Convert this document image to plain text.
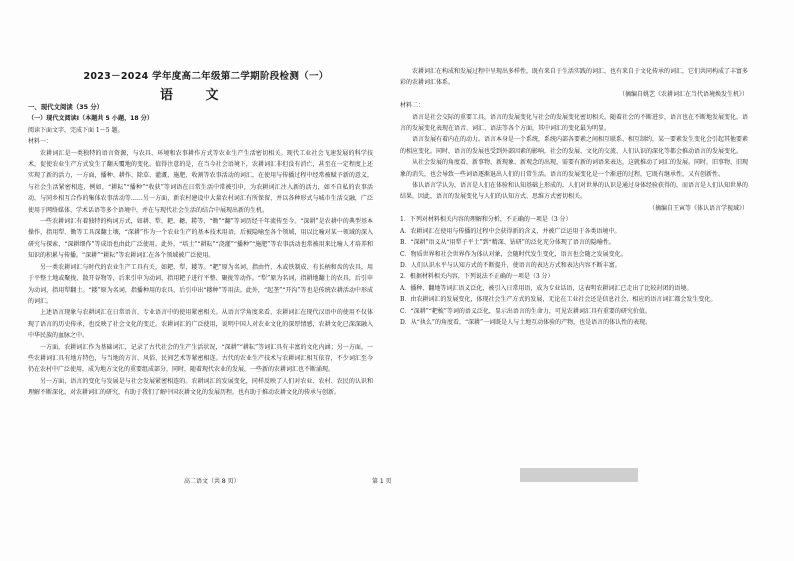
2023－2024 学年度高二年级第二学期阶段检测（一）
语 文

一、现代文阅读（35 分）

（一）现代文阅读Ⅰ（本题共 5 小题，18 分）

阅读下面文字，完成下面 1～5 题。

材料一：

农耕词汇是一类独特的语言资源，与农具、环境和农事耕作方式等农业生产生活密切相关。现代工业社会飞速发展的科学技术，促使农业生产方式发生了翻天覆地的变化。值得注意的是，在当今社会语境下，农耕词汇非但没有消亡，甚至在一定程度上还实现了新的活力，一方面，播种、耕作、除草、灌溉、施肥、收割等农事活动的词汇，在使用与传播过程中经常被赋予新的意义，与社会生活紧密相连，例如，“耕耘”“播种”“收获”等词语在日常生活中常被引申，为农耕词汇注入新的活力，如不自私的农事活动，与同乡相互合作的集体农事活动等……另一方面，新农村建设中大量农村词汇有所保留，并以各种形式与城市生活交融，广泛使用于网络媒体、学术话语等多个语境中，并在与现代社会生活的结合中展现出新的生机。

一些农耕词汇有着独特的构词方式，如耕、犁、耙、耱、耢等，“锄”“翻”等词历经千年流传至今。“深耕”是农耕中的典型基本操作，指用犁、锄等工具深翻土壤，“深耕”作为一个农业生产的基本技术用语，后被隐喻至各个领域，用以比喻对某一领域的深入研究与探索，“深耕细作”等成语也由此广泛使用。此外，“培土”“耕耘”“浇灌”“播种”“施肥”等农事活动也常被用来比喻人才培养和知识的积累与传播。“深耕”“耕耘”等农耕词汇在各个领域被广泛使用。

另一类农耕词汇与时代的农业生产工具有关，如耙、犁、耧等。“耙”原为名词，指由竹、木或铁制成、有长柄和齿的农具，用于平整土地或聚拢、散开谷物等，后来引申为动词，指用耙子进行平整、聚拢等动作。“犁”原为名词，指耕地翻土的农具，后引申为动词，指用犁翻土。“耧”原为名词，指播种用的农具，后引申出“耧种”等用法。此外，“起垄”“开沟”等也是传统农耕活动中形成的词汇。

上述语言现象与农耕词汇在日常语言、专业语言中的使用紧密相关。从语言学角度来看，农耕词汇在现代汉语中的使用不仅体现了语言的历史传承，也反映了社会文化的变迁。农耕词汇的广泛使用，说明中国人对农业文化的深厚情感，农耕文化已深深融入中华民族的血脉之中。

一方面，农耕词汇作为基础词汇，记录了古代社会的生产生活状况，“深耕”“耕耘”等词汇具有丰富的文化内涵；另一方面，一些农耕词汇具有地方特色，与当地的方言、风俗、民间艺术等紧密相连。古代的农业生产技术与农耕词汇相互依存，不少词汇至今仍在农村中广泛使用，成为地方文化的重要组成部分，同时，随着现代农业的发展，一些新的农耕词汇也不断涌现。

另一方面，语言的变化与发展是与社会发展紧密相连的。农耕词汇的发展变化，同样反映了人们对农业、农村、农民的认识和理解不断深化。对农耕词汇的研究，有助于我们了解中国农耕文化的发展历程，也有助于推动农耕文化的传承与创新。

农耕词汇在构成和发展过程中呈现出多样性，既有来自于生活实践的词汇，也有来自于文化传承的词汇，它们共同构成了丰富多彩的农耕词汇体系。

（摘编自姚艺《农耕词汇在当代语境焕发生机》）

材料二：

语言是社会交际的重要工具，语言的发展变化与社会的发展变化密切相关。随着社会的不断进步，语言也在不断地发展变化。语言的发展变化表现在语音、词汇、语法等各个方面，其中词汇的变化最为明显。

语言发展有着内在的动力。语言本身是一个系统，系统内部各要素之间相互联系、相互制约，某一要素发生变化会引起其他要素的相应变化。同时，语言的发展也受到外部因素的影响，社会的发展、文化的交流、人们认识的深化等都会推动语言的发展变化。

从社会发展的角度看，新事物、新现象、新观念的出现，需要有新的词语来表达，这就推动了词汇的发展。同时，旧事物、旧现象的消失，也会导致一些词语逐渐退出人们的日常生活。语言的发展变化是一个渐进的过程，它既有继承性，又有创新性。

体认语言学认为，语言是人们在体验和认知基础上形成的，人们对世界的认识是通过身体经验获得的，而语言是人们认知世界的结果。因此，语言的发展变化与人们的认知方式、思维方式密切相关。

（摘编自王寅等《体认语言学视域》）

1．下列对材料相关内容的理解和分析，不正确的一项是（3 分）

A．农耕词汇在使用与传播的过程中会获得新的含义，并被广泛运用于各类语境中。

B．“深耕”语义从“用犁子平土”到“精深、钻研”的泛化充分体现了语言的隐喻性。

C．物质世界和社会世界作为体认对象，会随时代发生变化，语言也会随之发展变化。

D．人们认识水平与认知方式的不断提升，使语言的表达方式和表达内容不断丰富。

2．根据材料相关内容，下列说法不正确的一项是（3 分）

A．播种、翻地等词汇语义泛化，被引入日常用语，成为专业话语，这表明农耕词汇已走出了比较封闭的语境。

B．由农耕词汇的发展变化，体现社会生产方式的发展，无论在工业社会还是信息社会，相应的语言词汇都会发生变化。

C．“深耕”“耙梳”等词的语义泛化，显示出语言的生命力，可见农耕词汇具有重要的研究价值。

D．从“执么”的角度看，“深耕”一词既是人与土地互动体验的产物，也是语言的体认性的表现。

高二语文（共 8 页）	第 1 页
